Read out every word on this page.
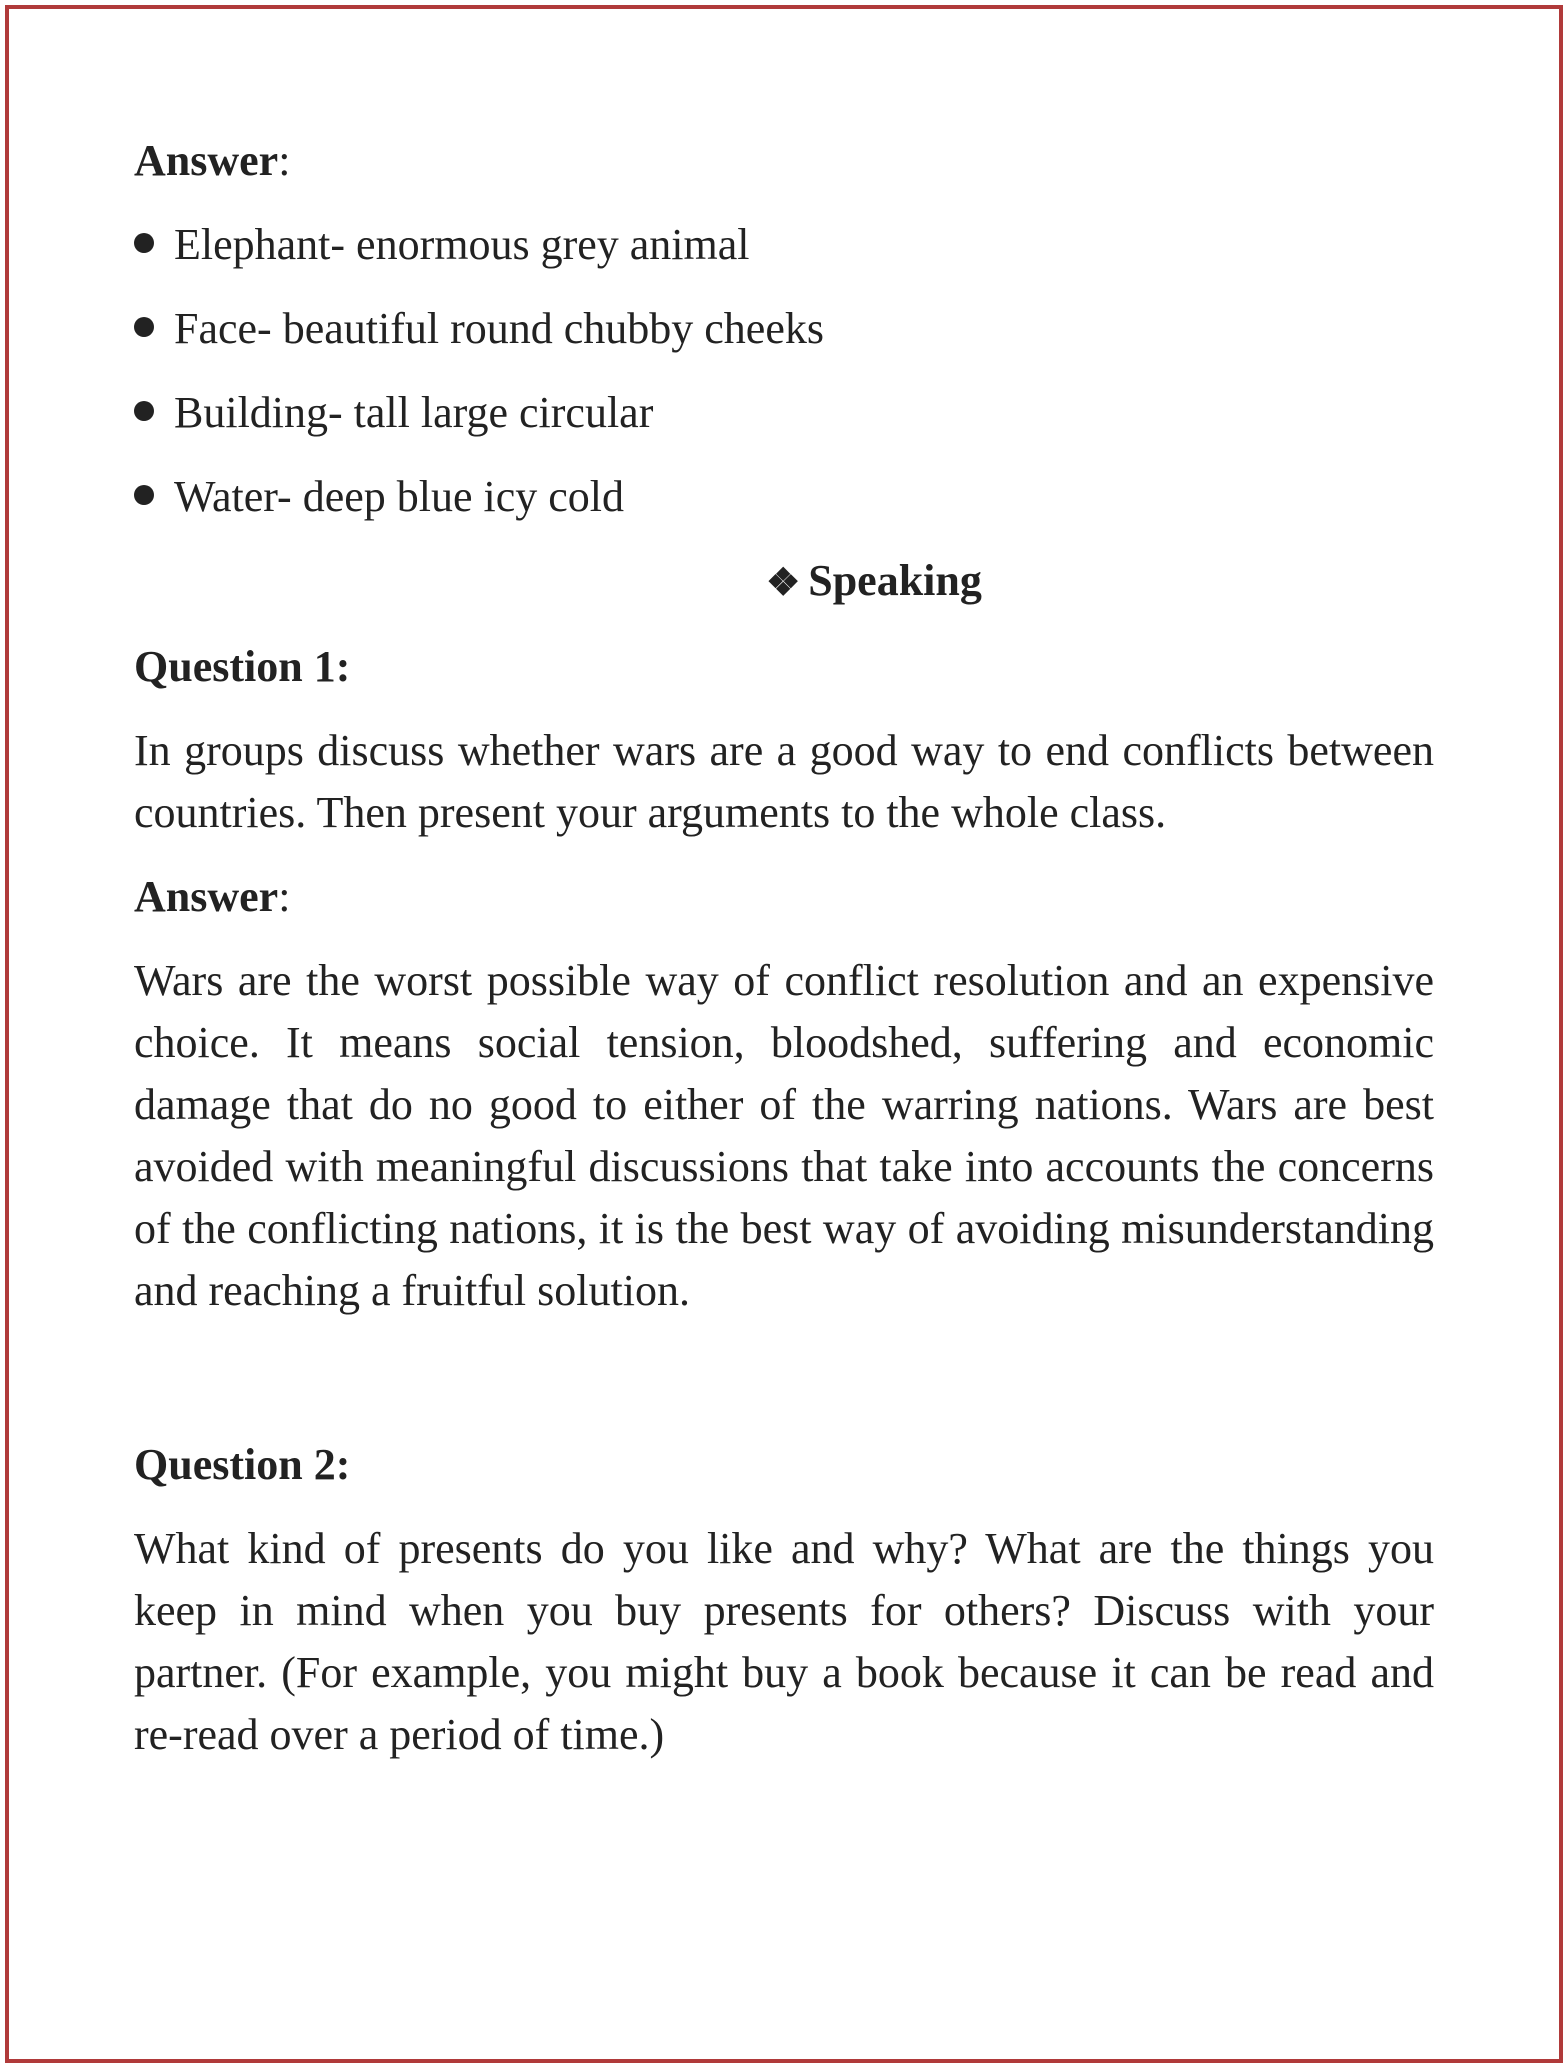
Answer:

Elephant- enormous grey animal
Face- beautiful round chubby cheeks
Building- tall large circular
Water- deep blue icy cold

❖ Speaking

Question 1:

In groups discuss whether wars are a good way to end conflicts between countries. Then present your arguments to the whole class.

Answer:

Wars are the worst possible way of conflict resolution and an expensive choice. It means social tension, bloodshed, suffering and economic damage that do no good to either of the warring nations. Wars are best avoided with meaningful discussions that take into accounts the concerns of the conflicting nations, it is the best way of avoiding misunderstanding and reaching a fruitful solution.

Question 2:

What kind of presents do you like and why? What are the things you keep in mind when you buy presents for others? Discuss with your partner. (For example, you might buy a book because it can be read and re-read over a period of time.)
